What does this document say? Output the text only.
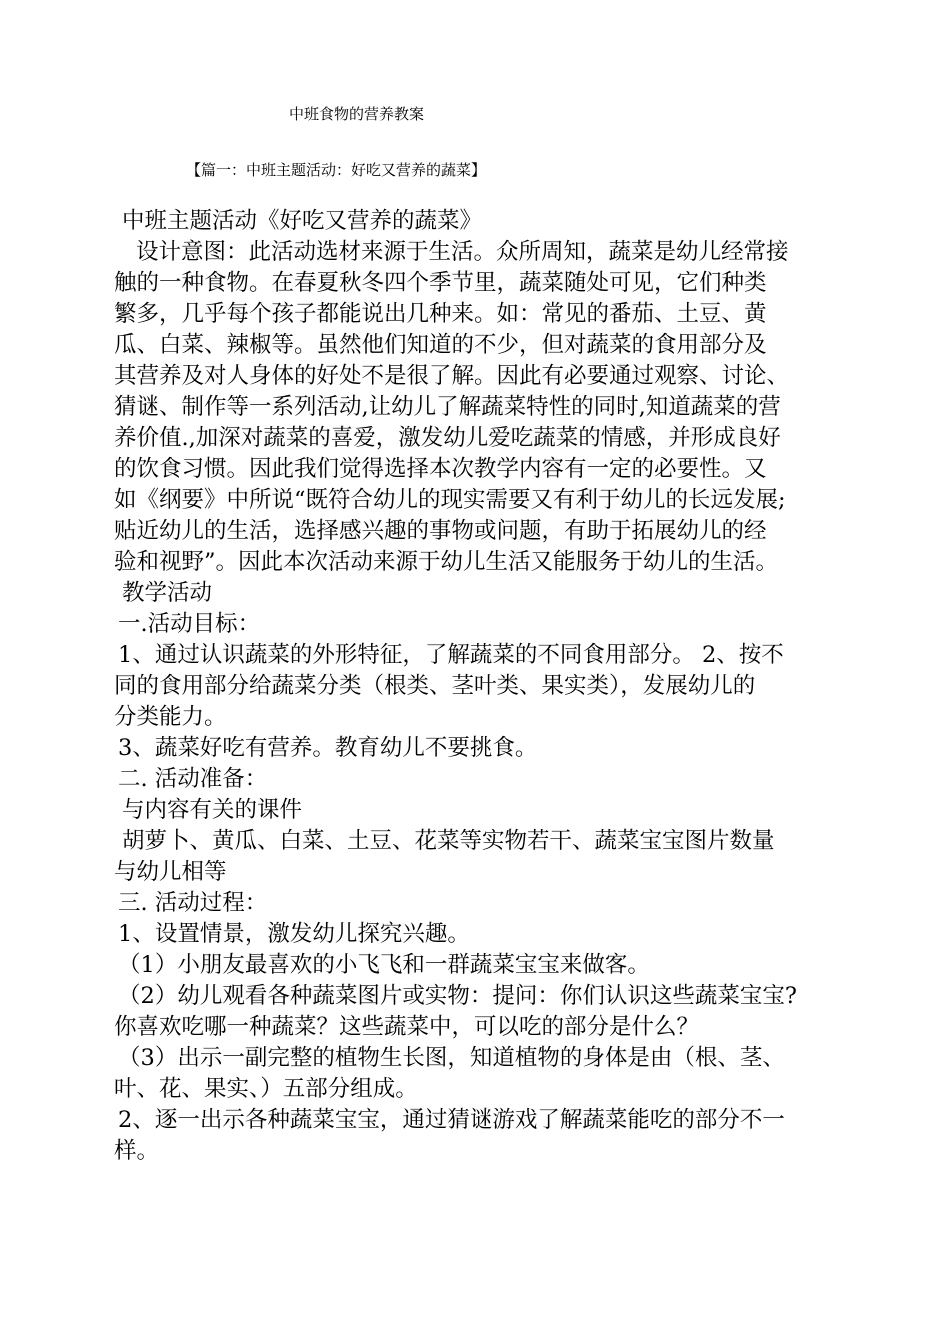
中班食物的营养教案
【篇一：中班主题活动：好吃又营养的蔬菜】
中班主题活动《好吃又营养的蔬菜》
设计意图：此活动选材来源于生活。众所周知，蔬菜是幼儿经常接
触的一种食物。在春夏秋冬四个季节里，蔬菜随处可见，它们种类
繁多，几乎每个孩子都能说出几种来。如：常见的番茄、土豆、黄
瓜、白菜、辣椒等。虽然他们知道的不少，但对蔬菜的食用部分及
其营养及对人身体的好处不是很了解。因此有必要通过观察、讨论、
猜谜、制作等一系列活动,让幼儿了解蔬菜特性的同时,知道蔬菜的营
养价值.,加深对蔬菜的喜爱，激发幼儿爱吃蔬菜的情感，并形成良好
的饮食习惯。因此我们觉得选择本次教学内容有一定的必要性。又
如《纲要》中所说“既符合幼儿的现实需要又有利于幼儿的长远发展;
贴近幼儿的生活，选择感兴趣的事物或问题，有助于拓展幼儿的经
验和视野”。因此本次活动来源于幼儿生活又能服务于幼儿的生活。
教学活动
一.活动目标：
1、通过认识蔬菜的外形特征，了解蔬菜的不同食用部分。 2、按不
同的食用部分给蔬菜分类（根类、茎叶类、果实类），发展幼儿的
分类能力。
3、蔬菜好吃有营养。教育幼儿不要挑食。
二. 活动准备：
与内容有关的课件
胡萝卜、黄瓜、白菜、土豆、花菜等实物若干、蔬菜宝宝图片数量
与幼儿相等
三. 活动过程：
1、设置情景，激发幼儿探究兴趣。
（1）小朋友最喜欢的小飞飞和一群蔬菜宝宝来做客。
（2）幼儿观看各种蔬菜图片或实物：提问：你们认识这些蔬菜宝宝?
你喜欢吃哪一种蔬菜？这些蔬菜中，可以吃的部分是什么？
（3）出示一副完整的植物生长图，知道植物的身体是由（根、茎、
叶、花、果实、）五部分组成。
2、逐一出示各种蔬菜宝宝，通过猜谜游戏了解蔬菜能吃的部分不一
样。
